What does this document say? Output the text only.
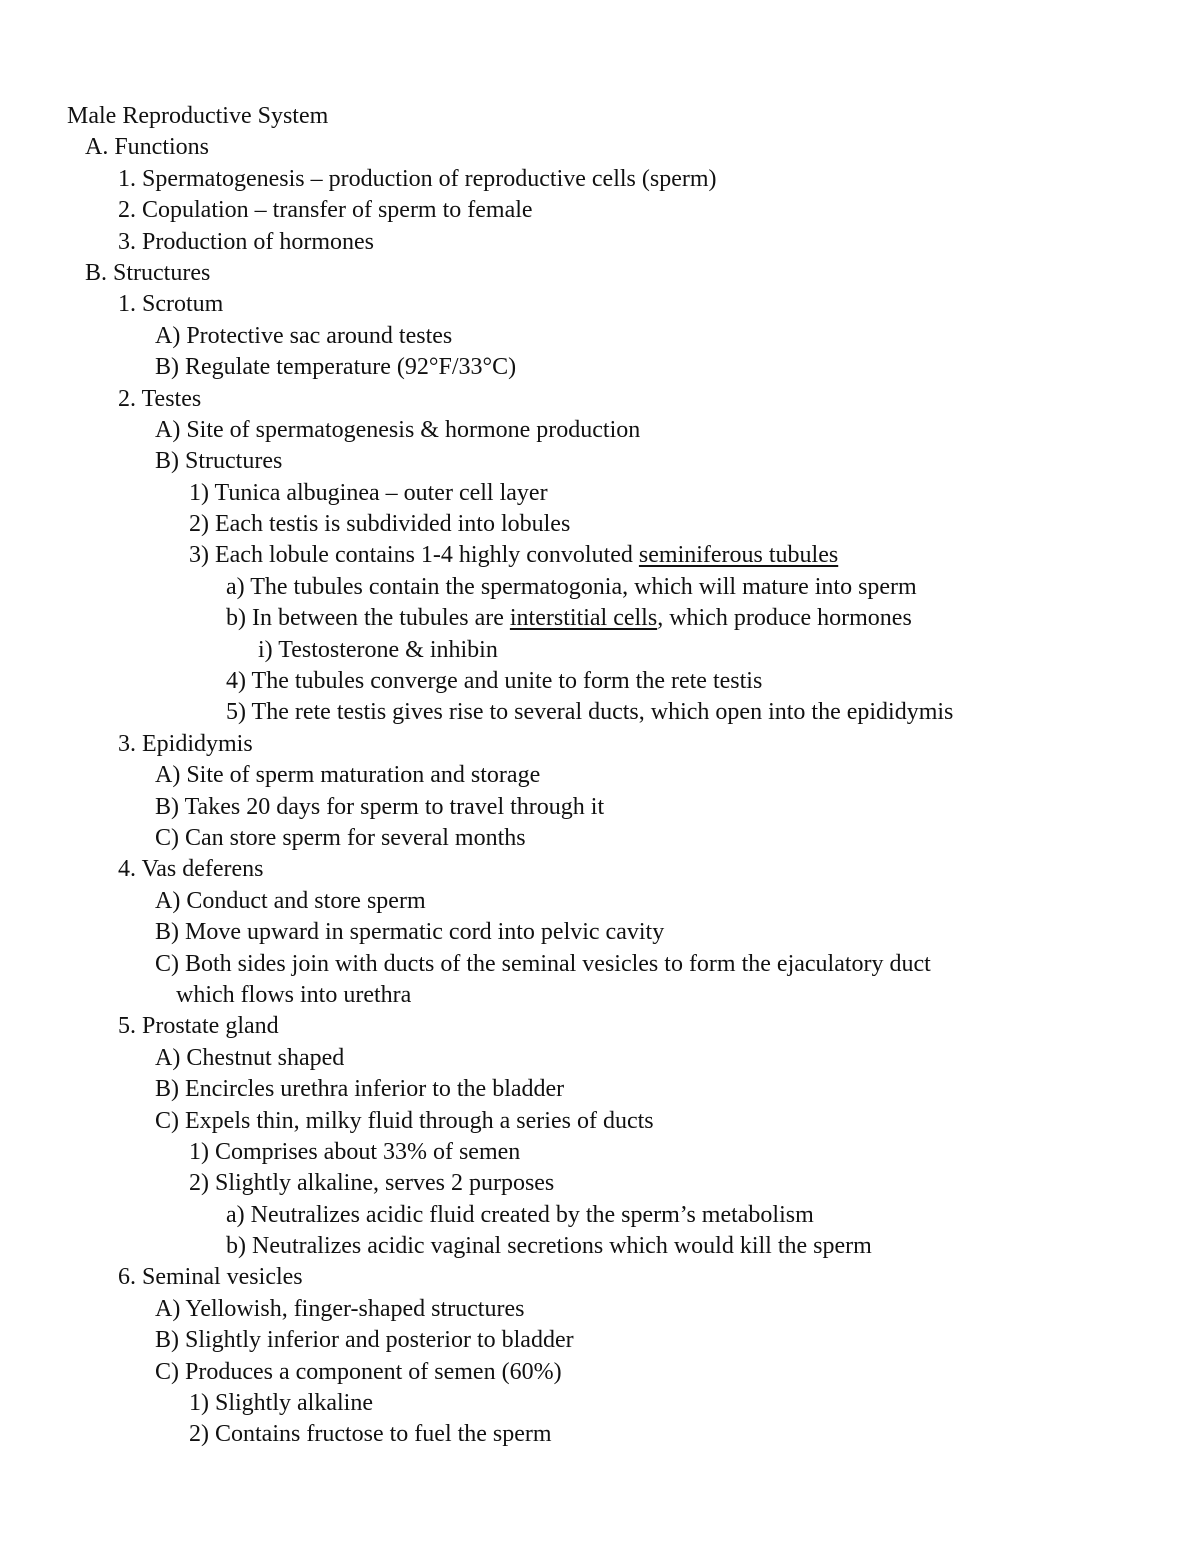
Male Reproductive System
A. Functions
1. Spermatogenesis – production of reproductive cells (sperm)
2. Copulation – transfer of sperm to female
3. Production of hormones
B. Structures
1. Scrotum
A) Protective sac around testes
B) Regulate temperature (92°F/33°C)
2. Testes
A) Site of spermatogenesis & hormone production
B) Structures
1) Tunica albuginea – outer cell layer
2) Each testis is subdivided into lobules
3) Each lobule contains 1-4 highly convoluted seminiferous tubules
a) The tubules contain the spermatogonia, which will mature into sperm
b) In between the tubules are interstitial cells, which produce hormones
i) Testosterone & inhibin
4) The tubules converge and unite to form the rete testis
5) The rete testis gives rise to several ducts, which open into the epididymis
3. Epididymis
A) Site of sperm maturation and storage
B) Takes 20 days for sperm to travel through it
C) Can store sperm for several months
4. Vas deferens
A) Conduct and store sperm
B) Move upward in spermatic cord into pelvic cavity
C) Both sides join with ducts of the seminal vesicles to form the ejaculatory duct
which flows into urethra
5. Prostate gland
A) Chestnut shaped
B) Encircles urethra inferior to the bladder
C) Expels thin, milky fluid through a series of ducts
1) Comprises about 33% of semen
2) Slightly alkaline, serves 2 purposes
a) Neutralizes acidic fluid created by the sperm’s metabolism
b) Neutralizes acidic vaginal secretions which would kill the sperm
6. Seminal vesicles
A) Yellowish, finger-shaped structures
B) Slightly inferior and posterior to bladder
C) Produces a component of semen (60%)
1) Slightly alkaline
2) Contains fructose to fuel the sperm
